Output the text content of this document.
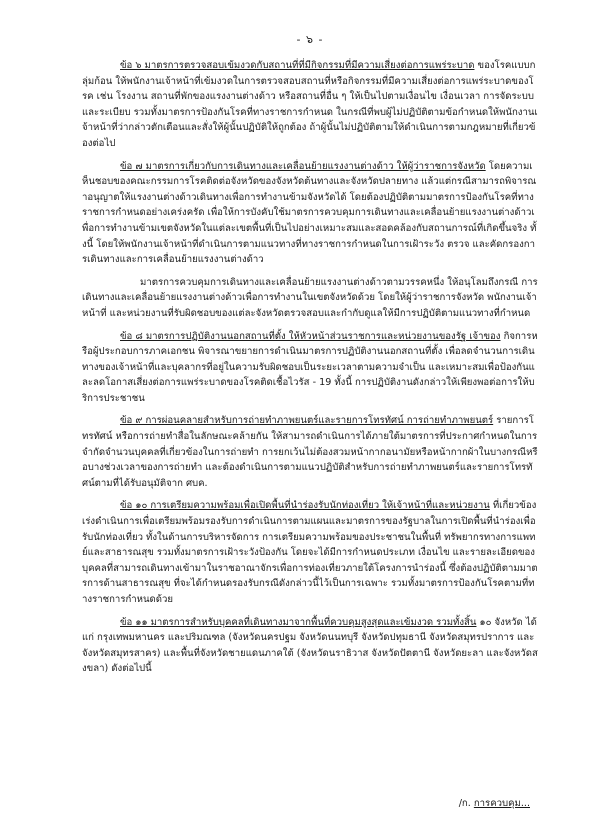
- ๖ -

ข้อ ๖ มาตรการตรวจสอบเข้มงวดกับสถานที่ที่มีกิจกรรมที่มีความเสี่ยงต่อการแพร่ระบาด ของโรคแบบกลุ่มก้อน ให้พนักงานเจ้าหน้าที่เข้มงวดในการตรวจสอบสถานที่หรือกิจกรรมที่มีความเสี่ยงต่อการแพร่ระบาดของโรค เช่น โรงงาน สถานที่พักของแรงงานต่างด้าว หรือสถานที่อื่น ๆ ให้เป็นไปตามเงื่อนไข เงื่อนเวลา การจัดระบบและระเบียบ รวมทั้งมาตรการป้องกันโรคที่ทางราชการกำหนด ในกรณีที่พบผู้ไม่ปฏิบัติตามข้อกำหนดให้พนักงานเจ้าหน้าที่ว่ากล่าวตักเตือนและสั่งให้ผู้นั้นปฏิบัติให้ถูกต้อง ถ้าผู้นั้นไม่ปฏิบัติตามให้ดำเนินการตามกฎหมายที่เกี่ยวข้องต่อไป

ข้อ ๗ มาตรการเกี่ยวกับการเดินทางและเคลื่อนย้ายแรงงานต่างด้าว ให้ผู้ว่าราชการจังหวัด โดยความเห็นชอบของคณะกรรมการโรคติดต่อจังหวัดของจังหวัดต้นทางและจังหวัดปลายทาง แล้วแต่กรณีสามารถพิจารณาอนุญาตให้แรงงานต่างด้าวเดินทางเพื่อการทำงานข้ามจังหวัดได้ โดยต้องปฏิบัติตามมาตรการป้องกันโรคที่ทางราชการกำหนดอย่างเคร่งครัด เพื่อให้การบังคับใช้มาตรการควบคุมการเดินทางและเคลื่อนย้ายแรงงานต่างด้าวเพื่อการทำงานข้ามเขตจังหวัดในแต่ละเขตพื้นที่เป็นไปอย่างเหมาะสมและสอดคล้องกับสถานการณ์ที่เกิดขึ้นจริง ทั้งนี้ โดยให้พนักงานเจ้าหน้าที่ดำเนินการตามแนวทางที่ทางราชการกำหนดในการเฝ้าระวัง ตรวจ และคัดกรองการเดินทางและการเคลื่อนย้ายแรงงานต่างด้าว

มาตรการควบคุมการเดินทางและเคลื่อนย้ายแรงงานต่างด้าวตามวรรคหนึ่ง ให้อนุโลมถึงกรณี การเดินทางและเคลื่อนย้ายแรงงานต่างด้าวเพื่อการทำงานในเขตจังหวัดด้วย โดยให้ผู้ว่าราชการจังหวัด พนักงานเจ้าหน้าที่ และหน่วยงานที่รับผิดชอบของแต่ละจังหวัดตรวจสอบและกำกับดูแลให้มีการปฏิบัติตามแนวทางที่กำหนด

ข้อ ๘ มาตรการปฏิบัติงานนอกสถานที่ตั้ง ให้หัวหน้าส่วนราชการและหน่วยงานของรัฐ เจ้าของ กิจการหรือผู้ประกอบการภาคเอกชน พิจารณาขยายการดำเนินมาตรการปฏิบัติงานนอกสถานที่ตั้ง เพื่อลดจำนวนการเดินทางของเจ้าหน้าที่และบุคลากรที่อยู่ในความรับผิดชอบเป็นระยะเวลาตามความจำเป็น และเหมาะสมเพื่อป้องกันและลดโอกาสเสี่ยงต่อการแพร่ระบาดของโรคติดเชื้อไวรัส - 19 ทั้งนี้ การปฏิบัติงานดังกล่าวให้เพียงพอต่อการให้บริการประชาชน

ข้อ ๙ การผ่อนคลายสำหรับการถ่ายทำภาพยนตร์และรายการโทรทัศน์ การถ่ายทำภาพยนตร์ รายการโทรทัศน์ หรือการถ่ายทำสื่อในลักษณะคล้ายกัน ให้สามารถดำเนินการได้ภายใต้มาตรการที่ประกาศกำหนดในการจำกัดจำนวนบุคคลที่เกี่ยวข้องในการถ่ายทำ การยกเว้นไม่ต้องสวมหน้ากากอนามัยหรือหน้ากากผ้าในบางกรณีหรือบางช่วงเวลาของการถ่ายทำ และต้องดำเนินการตามแนวปฏิบัติสำหรับการถ่ายทำภาพยนตร์และรายการโทรทัศน์ตามที่ได้รับอนุมัติจาก ศบค.

ข้อ ๑๐ การเตรียมความพร้อมเพื่อเปิดพื้นที่นำร่องรับนักท่องเที่ยว ให้เจ้าหน้าที่และหน่วยงาน ที่เกี่ยวข้องเร่งดำเนินการเพื่อเตรียมพร้อมรองรับการดำเนินการตามแผนและมาตรการของรัฐบาลในการเปิดพื้นที่นำร่องเพื่อรับนักท่องเที่ยว ทั้งในด้านการบริหารจัดการ การเตรียมความพร้อมของประชาชนในพื้นที่ ทรัพยากรทางการแพทย์และสาธารณสุข รวมทั้งมาตรการเฝ้าระวังป้องกัน โดยจะได้มีการกำหนดประเภท เงื่อนไข และรายละเอียดของบุคคลที่สามารถเดินทางเข้ามาในราชอาณาจักรเพื่อการท่องเที่ยวภายใต้โครงการนำร่องนี้ ซึ่งต้องปฏิบัติตามมาตรการด้านสาธารณสุข ที่จะได้กำหนดรองรับกรณีดังกล่าวนี้ไว้เป็นการเฉพาะ รวมทั้งมาตรการป้องกันโรคตามที่ทางราชการกำหนดด้วย

ข้อ ๑๑ มาตรการสำหรับบุคคลที่เดินทางมาจากพื้นที่ควบคุมสูงสุดและเข้มงวด รวมทั้งสิ้น ๑๐ จังหวัด ได้แก่ กรุงเทพมหานคร และปริมณฑล (จังหวัดนครปฐม จังหวัดนนทบุรี จังหวัดปทุมธานี จังหวัดสมุทรปราการ และจังหวัดสมุทรสาคร) และพื้นที่จังหวัดชายแดนภาคใต้ (จังหวัดนราธิวาส จังหวัดปัตตานี จังหวัดยะลา และจังหวัดสงขลา) ดังต่อไปนี้

/ก. การควบคุม...
